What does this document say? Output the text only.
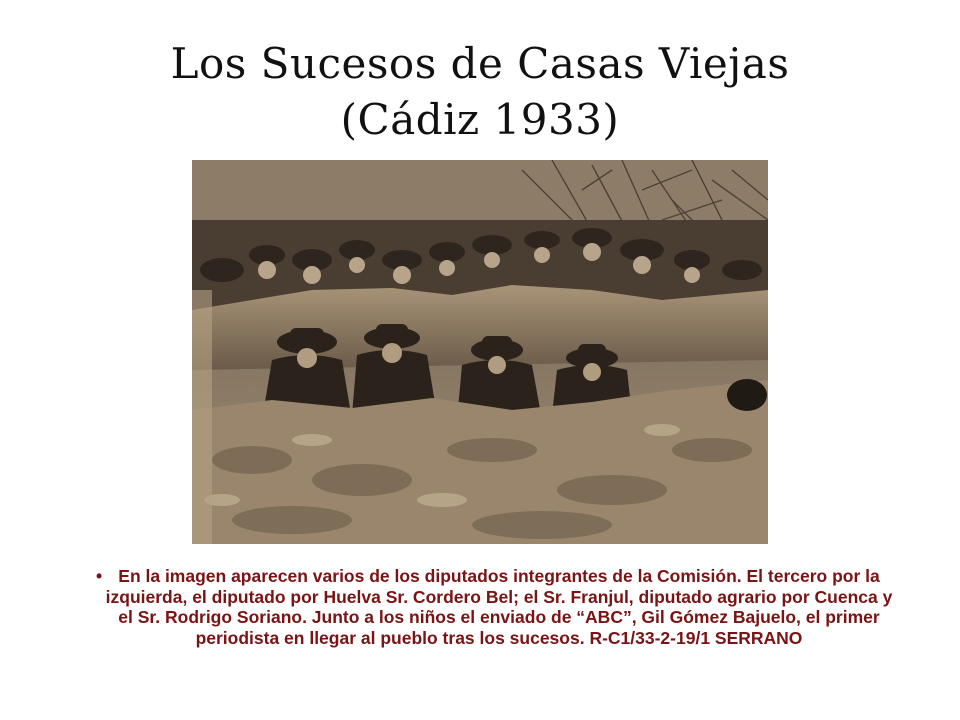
Los Sucesos de Casas Viejas
(Cádiz 1933)
• En la imagen aparecen varios de los diputados integrantes de la Comisión. El tercero por la izquierda, el diputado por Huelva Sr. Cordero Bel; el Sr. Franjul, diputado agrario por Cuenca y el Sr. Rodrigo Soriano. Junto a los niños el enviado de “ABC”, Gil Gómez Bajuelo, el primer periodista en llegar al pueblo tras los sucesos. R-C1/33-2-19/1 SERRANO
